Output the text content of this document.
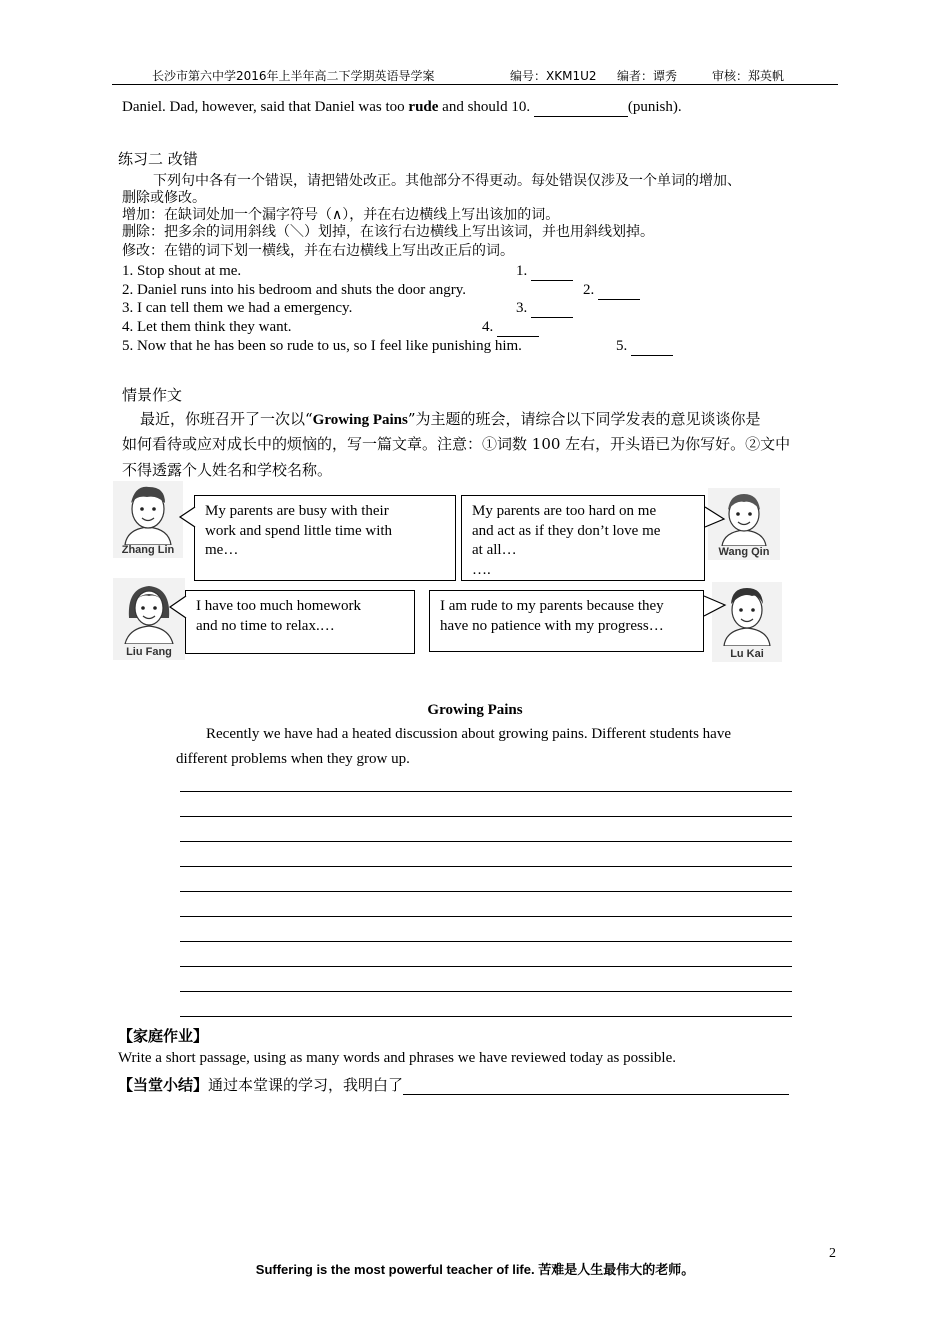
长沙市第六中学2016年上半年高二下学期英语导学案	编号：XKM1U2 编者：谭秀	审核：郑英帆
Daniel. Dad, however, said that Daniel was too rude and should 10.	(punish).
练习二 改错
下列句中各有一个错误，请把错处改正。其他部分不得更动。每处错误仅涉及一个单词的增加、
删除或修改。
增加：在缺词处加一个漏字符号（∧），并在右边横线上写出该加的词。
删除：把多余的词用斜线（＼）划掉，在该行右边横线上写出该词，并也用斜线划掉。
修改：在错的词下划一横线，并在右边横线上写出改正后的词。
1. Stop shout at me.	1.
2. Daniel runs into his bedroom and shuts the door angry.	2.
3. I can tell them we had a emergency.	3.
4. Let them think they want.	4.
5. Now that he has been so rude to us, so I feel like punishing him.	5.
情景作文
最近，你班召开了一次以“Growing Pains”为主题的班会，请综合以下同学发表的意见谈谈你是
如何看待或应对成长中的烦恼的，写一篇文章。注意：①词数 100 左右，开头语已为你写好。②文中
不得透露个人姓名和学校名称。
Zhang Lin	Wang Qin
Liu Fang	Lu Kai
My parents are busy with their
work and spend little time with
me…
My parents are too hard on me
and act as if they don’t love me
at all…
….
I have too much homework
and no time to relax.…
I am rude to my parents because they
have no patience with my progress…
Growing Pains
Recently we have had a heated discussion about growing pains. Different students have
different problems when they grow up.
【家庭作业】
Write a short passage, using as many words and phrases we have reviewed today as possible.
【当堂小结】通过本堂课的学习，我明白了
2
Suffering is the most powerful teacher of life. 苦难是人生最伟大的老师。
